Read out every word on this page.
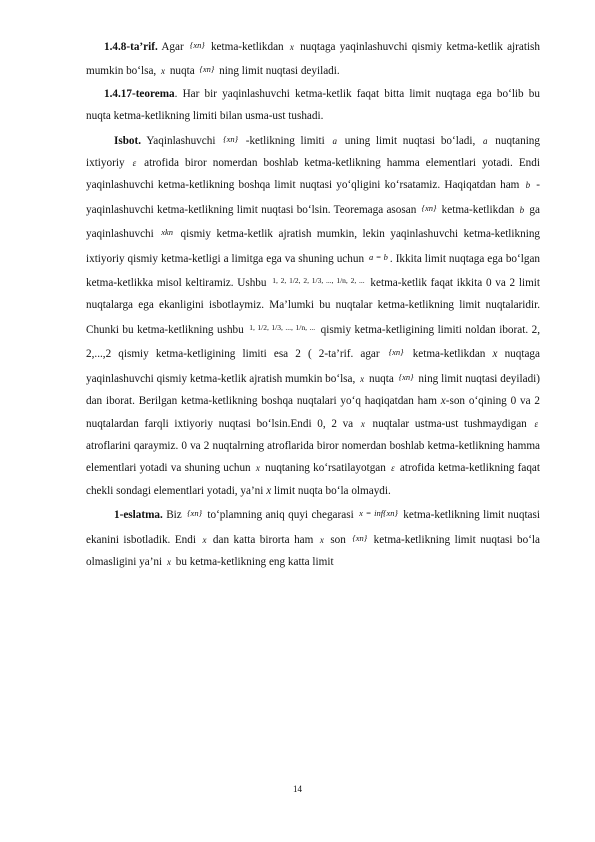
1.4.8-ta’rif. Agar {xn} ketma-ketlikdan x nuqtaga yaqinlashuvchi qismiy ketma-ketlik ajratish mumkin bo‘lsa, x nuqta {xn} ning limit nuqtasi deyiladi.

1.4.17-teorema. Har bir yaqinlashuvchi ketma-ketlik faqat bitta limit nuqtaga ega bo‘lib bu nuqta ketma-ketlikning limiti bilan usma-ust tushadi.

Isbot. Yaqinlashuvchi {xn} -ketlikning limiti a uning limit nuqtasi bo‘ladi, a nuqtaning ixtiyoriy ε atrofida biror nomerdan boshlab ketma-ketlikning hamma elementlari yotadi. Endi yaqinlashuvchi ketma-ketlikning boshqa limit nuqtasi yo‘qligini ko‘rsatamiz. Haqiqatdan ham b - yaqinlashuvchi ketma-ketlikning limit nuqtasi bo‘lsin. Teoremaga asosan {xn} ketma-ketlikdan b ga yaqinlashuvchi xkn qismiy ketma-ketlik ajratish mumkin, lekin yaqinlashuvchi ketma-ketlikning ixtiyoriy qismiy ketma-ketligi a limitga ega va shuning uchun a = b . Ikkita limit nuqtaga ega bo‘lgan ketma-ketlikka misol keltiramiz. Ushbu $^{1, 2, 1/2, 2, 1/3, ..., 1/n, 2, ...}$ ketma-ketlik faqat ikkita 0 va 2 limit nuqtalarga ega ekanligini isbotlaymiz. Ma’lumki bu nuqtalar ketma-ketlikning limit nuqtalaridir. Chunki bu ketma-ketlikning ushbu $^{1, 1/2, 1/3, ..., 1/n, ...}$ qismiy ketma-ketligining limiti noldan iborat. 2, 2,...,2 qismiy ketma-ketligining limiti esa 2 ( 2-ta’rif. agar {xn} ketma-ketlikdan x nuqtaga yaqinlashuvchi qismiy ketma-ketlik ajratish mumkin bo‘lsa, x nuqta {xn} ning limit nuqtasi deyiladi) dan iborat. Berilgan ketma-ketlikning boshqa nuqtalari yo‘q haqiqatdan ham x-son o‘qining 0 va 2 nuqtalardan farqli ixtiyoriy nuqtasi bo‘lsin.Endi 0, 2 va x nuqtalar ustma-ust tushmaydigan ε atroflarini qaraymiz. 0 va 2 nuqtalrning atroflarida biror nomerdan boshlab ketma-ketlikning hamma elementlari yotadi va shuning uchun x nuqtaning ko‘rsatilayotgan ε atrofida ketma-ketlikning faqat chekli sondagi elementlari yotadi, ya’ni x limit nuqta bo‘la olmaydi.

1-eslatma. Biz {xn} to‘plamning aniq quyi chegarasi x = inf{xn} ketma-ketlikning limit nuqtasi ekanini isbotladik. Endi x dan katta birorta ham x son {xn} ketma-ketlikning limit nuqtasi bo‘la olmasligini ya’ni x bu ketma-ketlikning eng katta limit

14
